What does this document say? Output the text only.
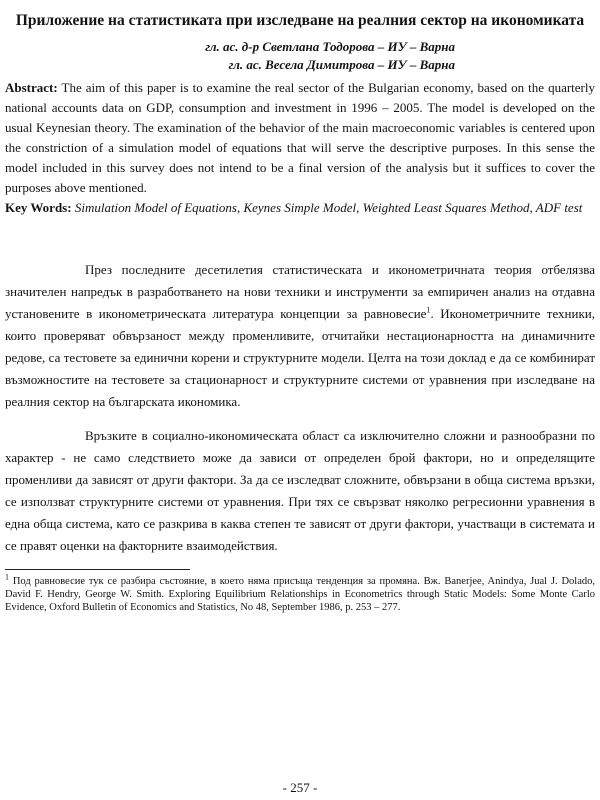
Приложение на статистиката при изследване на реалния сектор на икономиката
гл. ас. д-р Светлана Тодорова – ИУ – Варна
гл. ас. Весела Димитрова – ИУ – Варна
Abstract: The aim of this paper is to examine the real sector of the Bulgarian economy, based on the quarterly national accounts data on GDP, consumption and investment in 1996 – 2005. The model is developed on the usual Keynesian theory. The examination of the behavior of the main macroeconomic variables is centered upon the constriction of a simulation model of equations that will serve the descriptive purposes. In this sense the model included in this survey does not intend to be a final version of the analysis but it suffices to cover the purposes above mentioned.
Key Words: Simulation Model of Equations, Keynes Simple Model, Weighted Least Squares Method, ADF test

През последните десетилетия статистическата и иконометричната теория отбелязва значителен напредък в разработването на нови техники и инструменти за емпиричен анализ на отдавна установените в иконометрическата литература концепции за равновесие$^1$. Иконометричните техники, които проверяват обвързаност между променливите, отчитайки нестационарността на динамичните редове, са тестовете за единични корени и структурните модели. Целта на този доклад е да се комбинират възможностите на тестовете за стационарност и структурните системи от уравнения при изследване на реалния сектор на българската икономика.

Връзките в социално-икономическата област са изключително сложни и разнообразни по характер - не само следствието може да зависи от определен брой фактори, но и определящите променливи да зависят от други фактори. За да се изследват сложните, обвързани в обща система връзки, се използват структурните системи от уравнения. При тях се свързват няколко регресионни уравнения в една обща система, като се разкрива в каква степен те зависят от други фактори, участващи в системата и се правят оценки на факторните взаимодействия.

$^1$ Под равновесие тук се разбира състояние, в което няма присъща тенденция за промяна. Вж. Banerjee, Anindya, Jual J. Dolado, David F. Hendry, George W. Smith. Exploring Equilibrium Relationships in Econometrics through Static Models: Some Monte Carlo Evidence, Oxford Bulletin of Economics and Statistics, No 48, September 1986, p. 253 – 277.
- 257 -
